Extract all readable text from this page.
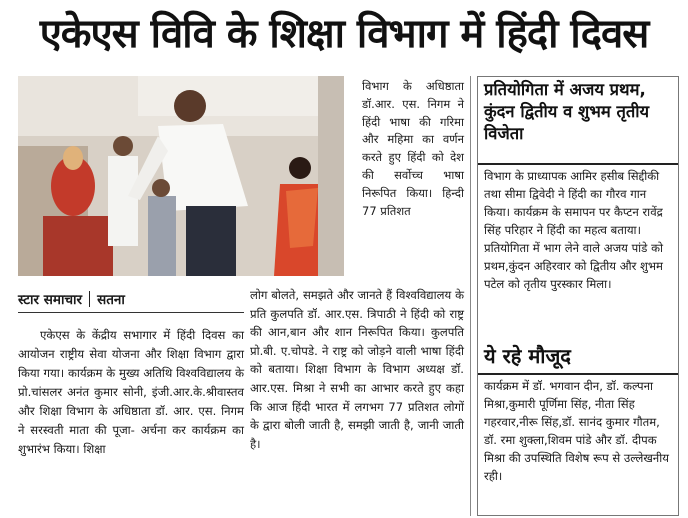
एकेएस विवि के शिक्षा विभाग में हिंदी दिवस
विभाग के अधिष्ठाता डॉ.आर. एस. निगम ने हिंदी भाषा की गरिमा और महिमा का वर्णन करते हुए हिंदी को देश की सर्वोच्च भाषा निरूपित किया। हिन्दी 77 प्रतिशत
स्टार समाचार सतना
एकेएस के केंद्रीय सभागार में हिंदी दिवस का आयोजन राष्ट्रीय सेवा योजना और शिक्षा विभाग द्वारा किया गया। कार्यक्रम के मुख्य अतिथि विश्वविद्यालय के प्रो.चांसलर अनंत कुमार सोनी, इंजी.आर.के.श्रीवास्तव और शिक्षा विभाग के अधिष्ठाता डॉ. आर. एस. निगम ने सरस्वती माता की पूजा- अर्चना कर कार्यक्रम का शुभारंभ किया। शिक्षा
लोग बोलते, समझते और जानते हैं विश्वविद्यालय के प्रति कुलपति डॉ. आर.एस. त्रिपाठी ने हिंदी को राष्ट्र की आन,बान और शान निरूपित किया। कुलपति प्रो.बी. ए.चोपडे. ने राष्ट्र को जोड़ने वाली भाषा हिंदी को बताया। शिक्षा विभाग के विभाग अध्यक्ष डॉ. आर.एस. मिश्रा ने सभी का आभार करते हुए कहा कि आज हिंदी भारत में लगभग 77 प्रतिशत लोगों के द्वारा बोली जाती है, समझी जाती है, जानी जाती है।
प्रतियोगिता में अजय प्रथम, कुंदन द्वितीय व शुभम तृतीय विजेता
विभाग के प्राध्यापक आमिर हसीब सिद्दीकी तथा सीमा द्विवेदी ने हिंदी का गौरव गान किया। कार्यक्रम के समापन पर कैप्टन रावेंद्र सिंह परिहार ने हिंदी का महत्व बताया। प्रतियोगिता में भाग लेने वाले अजय पांडे को प्रथम,कुंदन अहिरवार को द्वितीय और शुभम पटेल को तृतीय पुरस्कार मिला।
ये रहे मौजूद
कार्यक्रम में डॉ. भगवान दीन, डॉ. कल्पना मिश्रा,कुमारी पूर्णिमा सिंह, नीता सिंह गहरवार,नीरू सिंह,डॉ. सानंद कुमार गौतम, डॉ. रमा शुक्ला,शिवम पांडे और डॉ. दीपक मिश्रा की उपस्थिति विशेष रूप से उल्लेखनीय रही।
